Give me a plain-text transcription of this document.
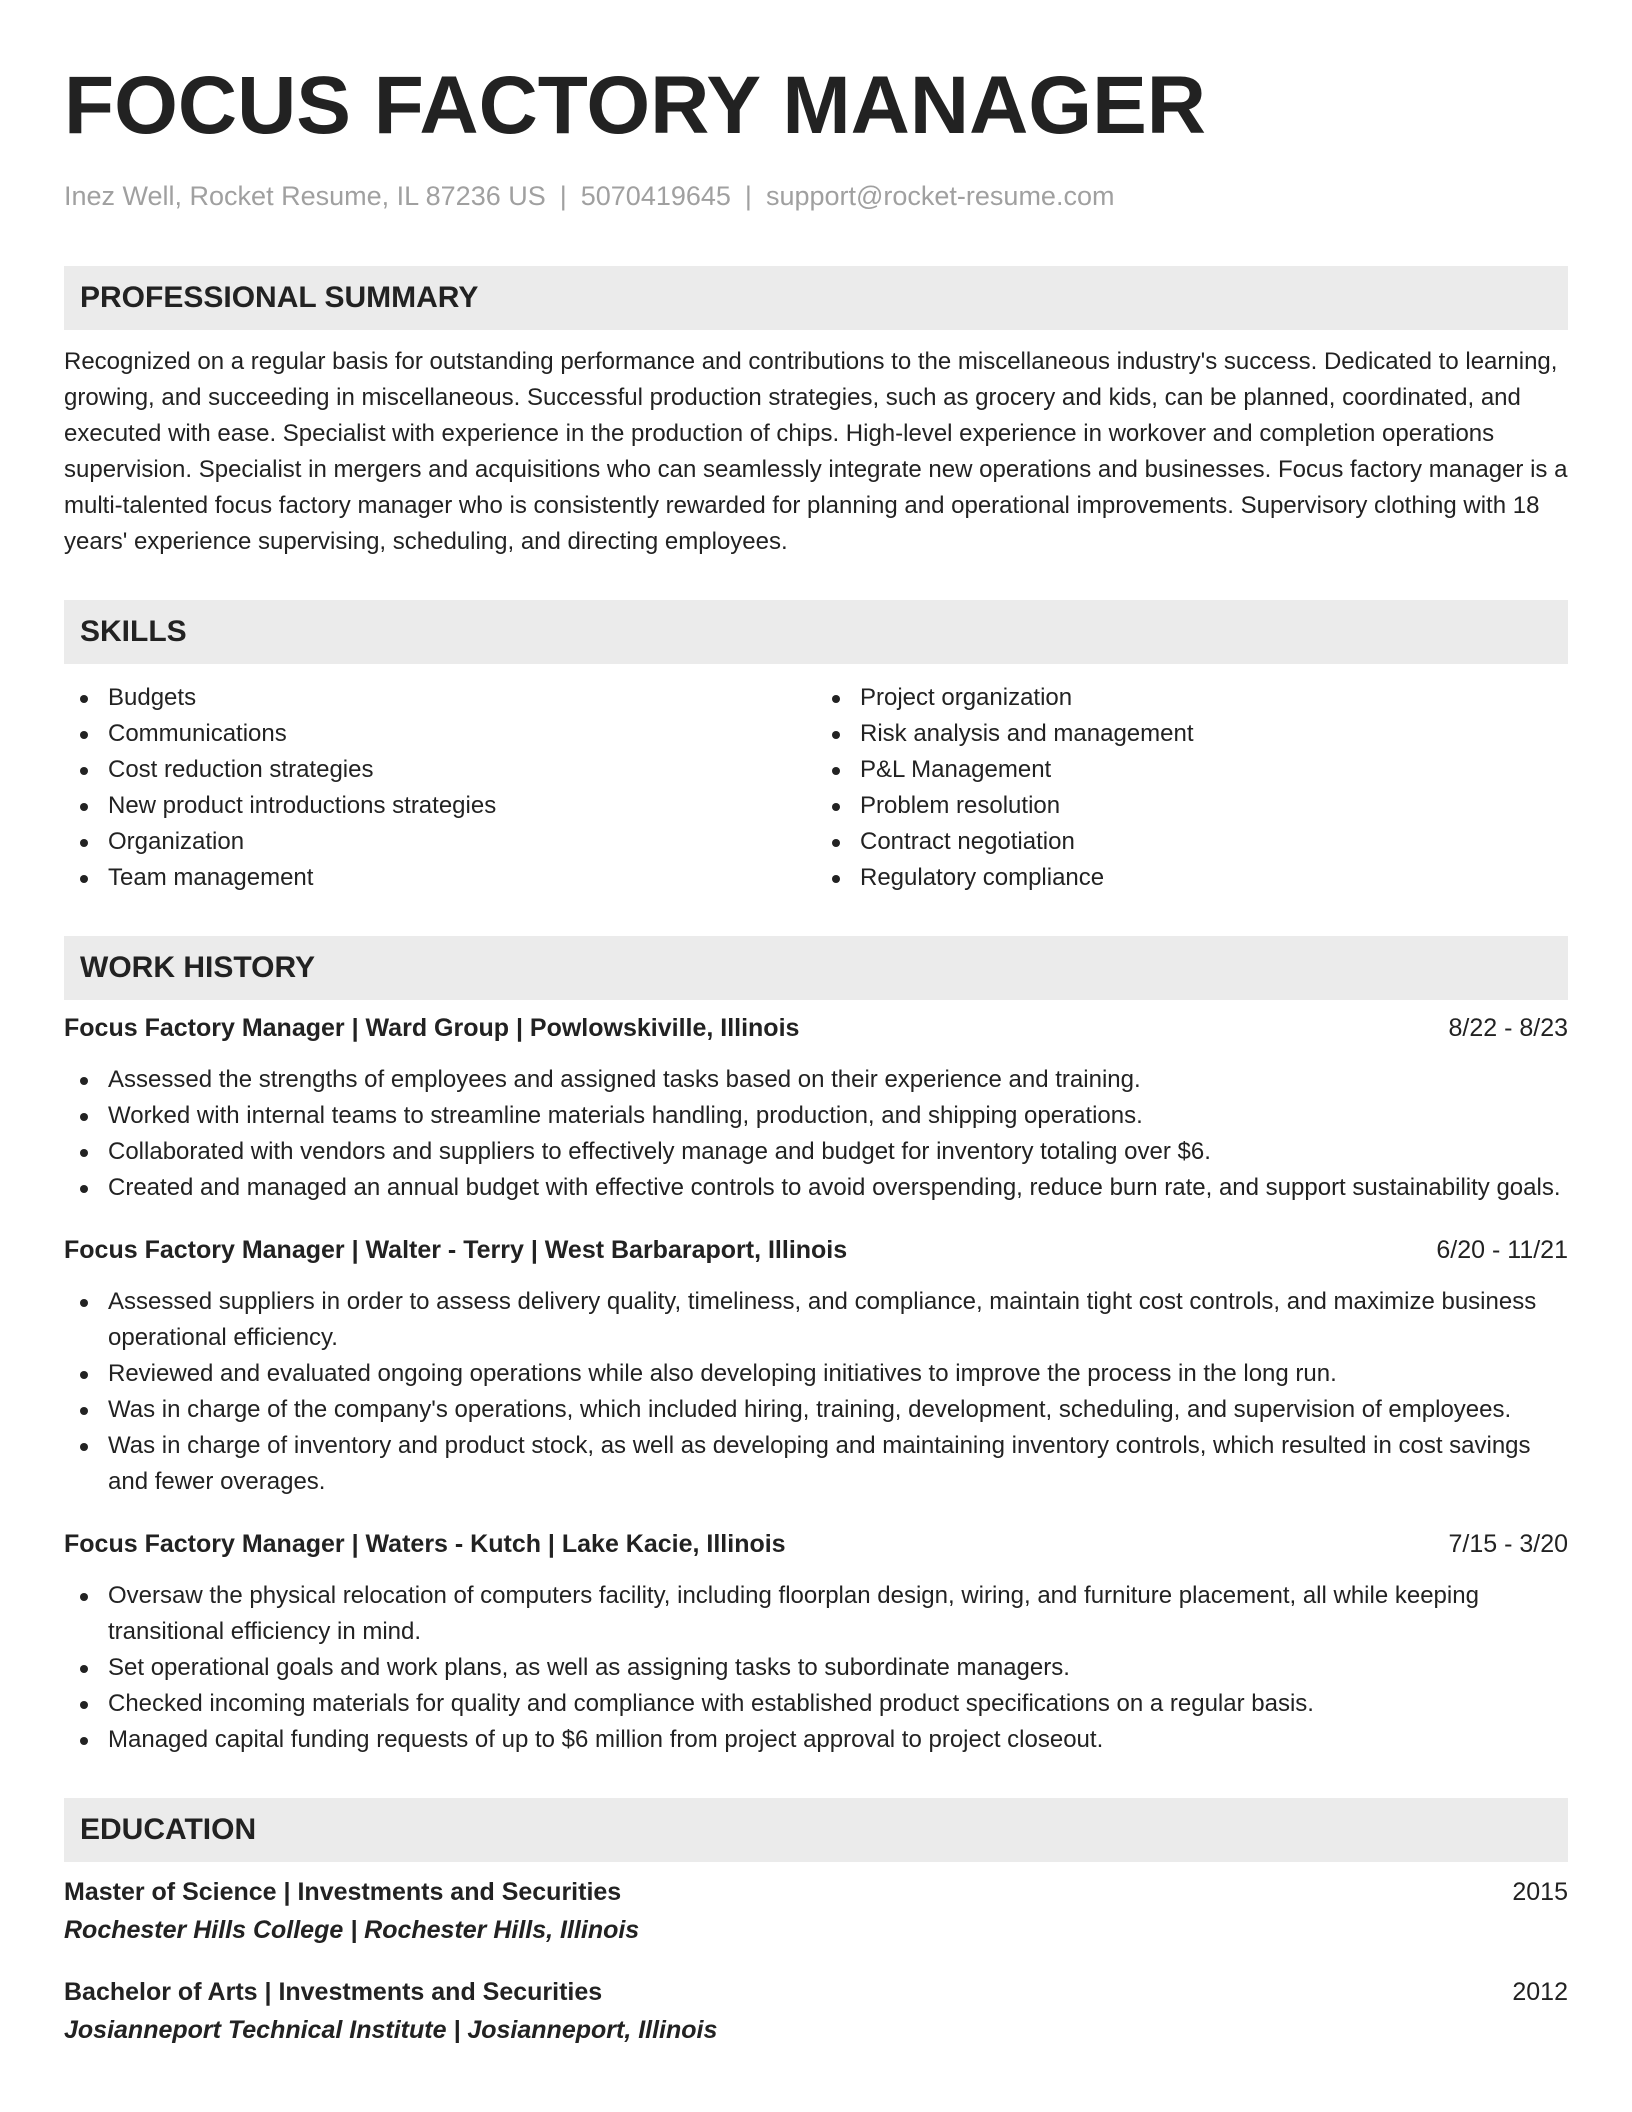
FOCUS FACTORY MANAGER
Inez Well, Rocket Resume, IL 87236 US | 5070419645 | support@rocket-resume.com
PROFESSIONAL SUMMARY

Recognized on a regular basis for outstanding performance and contributions to the miscellaneous industry's success. Dedicated to learning, growing, and succeeding in miscellaneous. Successful production strategies, such as grocery and kids, can be planned, coordinated, and executed with ease. Specialist with experience in the production of chips. High-level experience in workover and completion operations supervision. Specialist in mergers and acquisitions who can seamlessly integrate new operations and businesses. Focus factory manager is a multi-talented focus factory manager who is consistently rewarded for planning and operational improvements. Supervisory clothing with 18 years' experience supervising, scheduling, and directing employees.

SKILLS
Budgets
Communications
Cost reduction strategies
New product introductions strategies
Organization
Team management
Project organization
Risk analysis and management
P&L Management
Problem resolution
Contract negotiation
Regulatory compliance
WORK HISTORY
Focus Factory Manager | Ward Group | Powlowskiville, Illinois	8/22 - 8/23
Assessed the strengths of employees and assigned tasks based on their experience and training.
Worked with internal teams to streamline materials handling, production, and shipping operations.
Collaborated with vendors and suppliers to effectively manage and budget for inventory totaling over $6.
Created and managed an annual budget with effective controls to avoid overspending, reduce burn rate, and support sustainability goals.
Focus Factory Manager | Walter - Terry | West Barbaraport, Illinois	6/20 - 11/21
Assessed suppliers in order to assess delivery quality, timeliness, and compliance, maintain tight cost controls, and maximize business operational efficiency.
Reviewed and evaluated ongoing operations while also developing initiatives to improve the process in the long run.
Was in charge of the company's operations, which included hiring, training, development, scheduling, and supervision of employees.
Was in charge of inventory and product stock, as well as developing and maintaining inventory controls, which resulted in cost savings and fewer overages.
Focus Factory Manager | Waters - Kutch | Lake Kacie, Illinois	7/15 - 3/20
Oversaw the physical relocation of computers facility, including floorplan design, wiring, and furniture placement, all while keeping transitional efficiency in mind.
Set operational goals and work plans, as well as assigning tasks to subordinate managers.
Checked incoming materials for quality and compliance with established product specifications on a regular basis.
Managed capital funding requests of up to $6 million from project approval to project closeout.
EDUCATION
Master of Science | Investments and Securities	2015
Rochester Hills College | Rochester Hills, Illinois
Bachelor of Arts | Investments and Securities	2012
Josianneport Technical Institute | Josianneport, Illinois
